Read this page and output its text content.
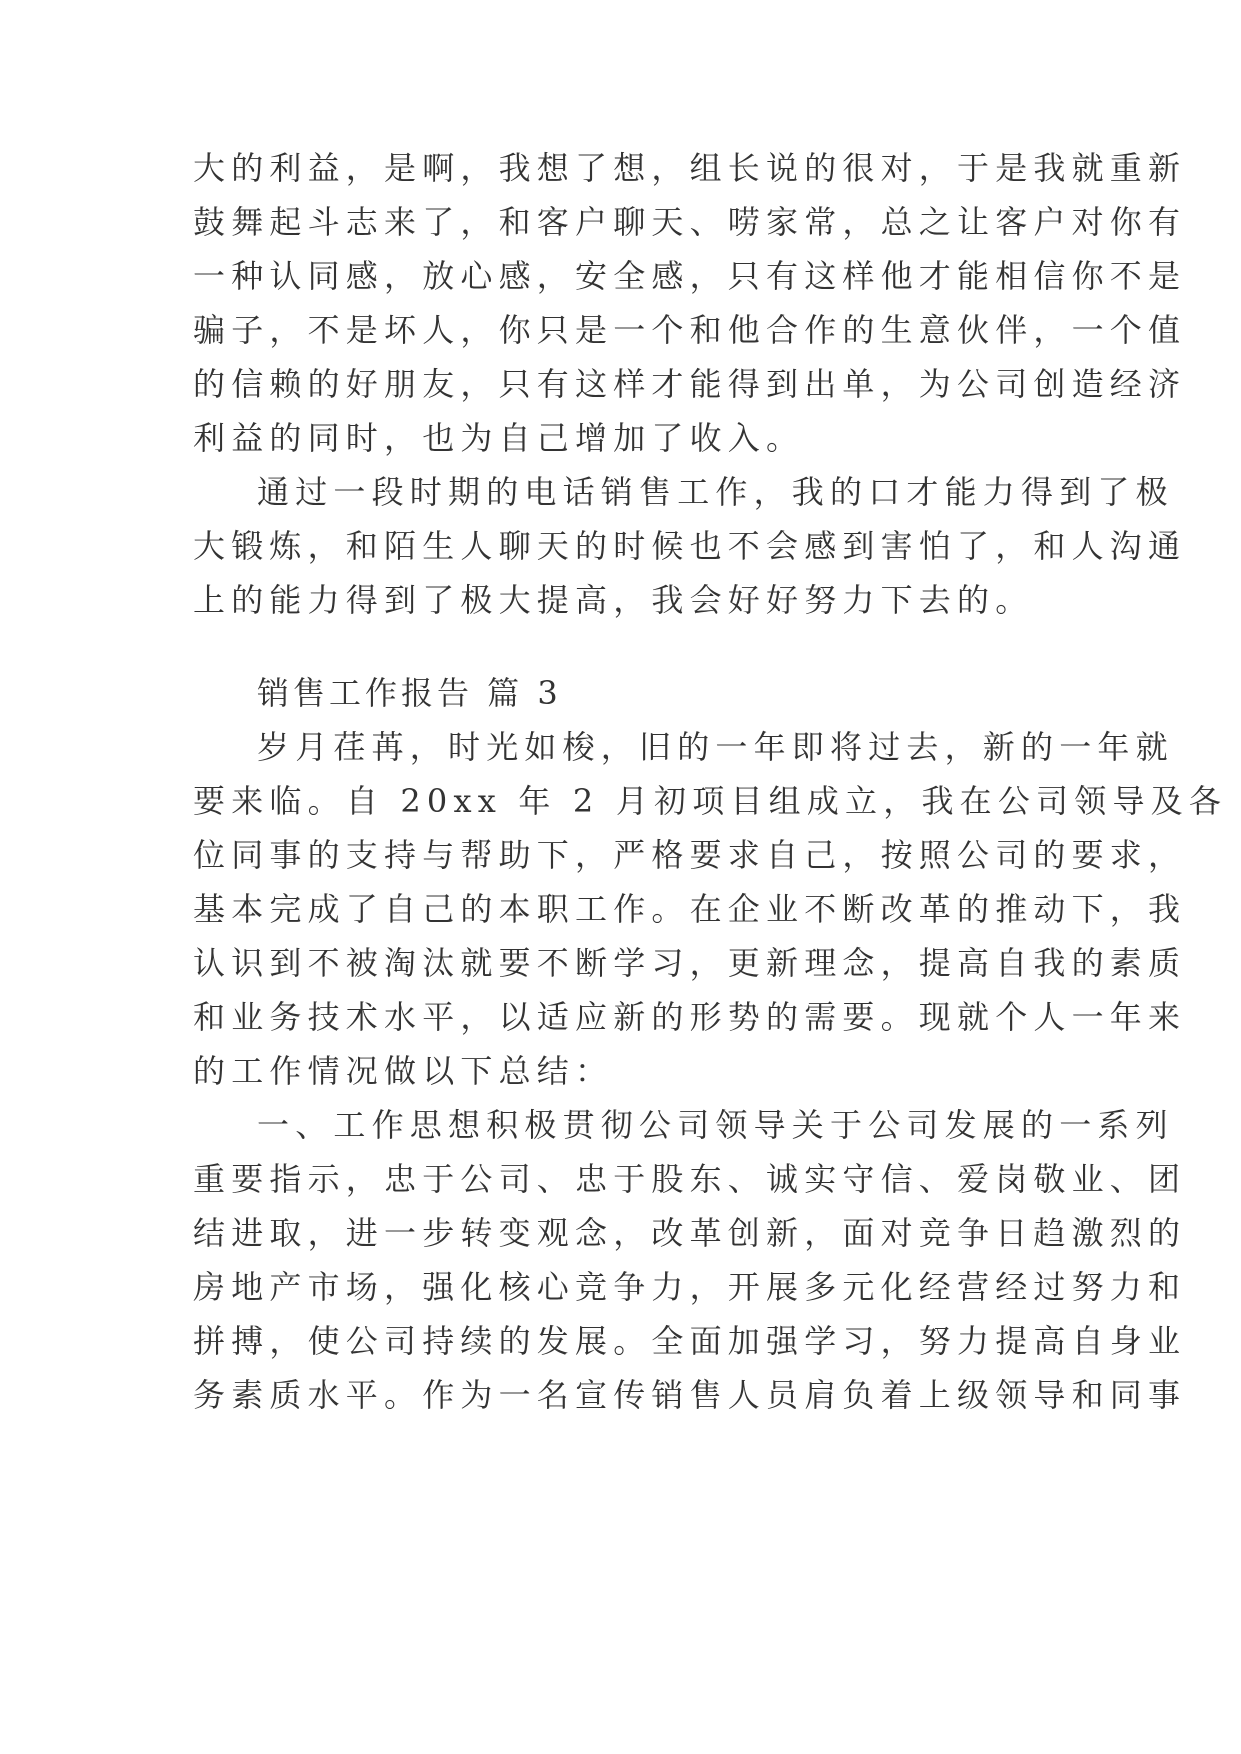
大的利益，是啊，我想了想，组长说的很对，于是我就重新
鼓舞起斗志来了，和客户聊天、唠家常，总之让客户对你有
一种认同感，放心感，安全感，只有这样他才能相信你不是
骗子，不是坏人，你只是一个和他合作的生意伙伴，一个值
的信赖的好朋友，只有这样才能得到出单，为公司创造经济
利益的同时，也为自己增加了收入。
通过一段时期的电话销售工作，我的口才能力得到了极
大锻炼，和陌生人聊天的时候也不会感到害怕了，和人沟通
上的能力得到了极大提高，我会好好努力下去的。
销售工作报告 篇 3
岁月荏苒，时光如梭，旧的一年即将过去，新的一年就
要来临。自 20xx 年 2 月初项目组成立，我在公司领导及各
位同事的支持与帮助下，严格要求自己，按照公司的要求，
基本完成了自己的本职工作。在企业不断改革的推动下，我
认识到不被淘汰就要不断学习，更新理念，提高自我的素质
和业务技术水平，以适应新的形势的需要。现就个人一年来
的工作情况做以下总结：
一、工作思想积极贯彻公司领导关于公司发展的一系列
重要指示，忠于公司、忠于股东、诚实守信、爱岗敬业、团
结进取，进一步转变观念，改革创新，面对竞争日趋激烈的
房地产市场，强化核心竞争力，开展多元化经营经过努力和
拼搏，使公司持续的发展。全面加强学习，努力提高自身业
务素质水平。作为一名宣传销售人员肩负着上级领导和同事
